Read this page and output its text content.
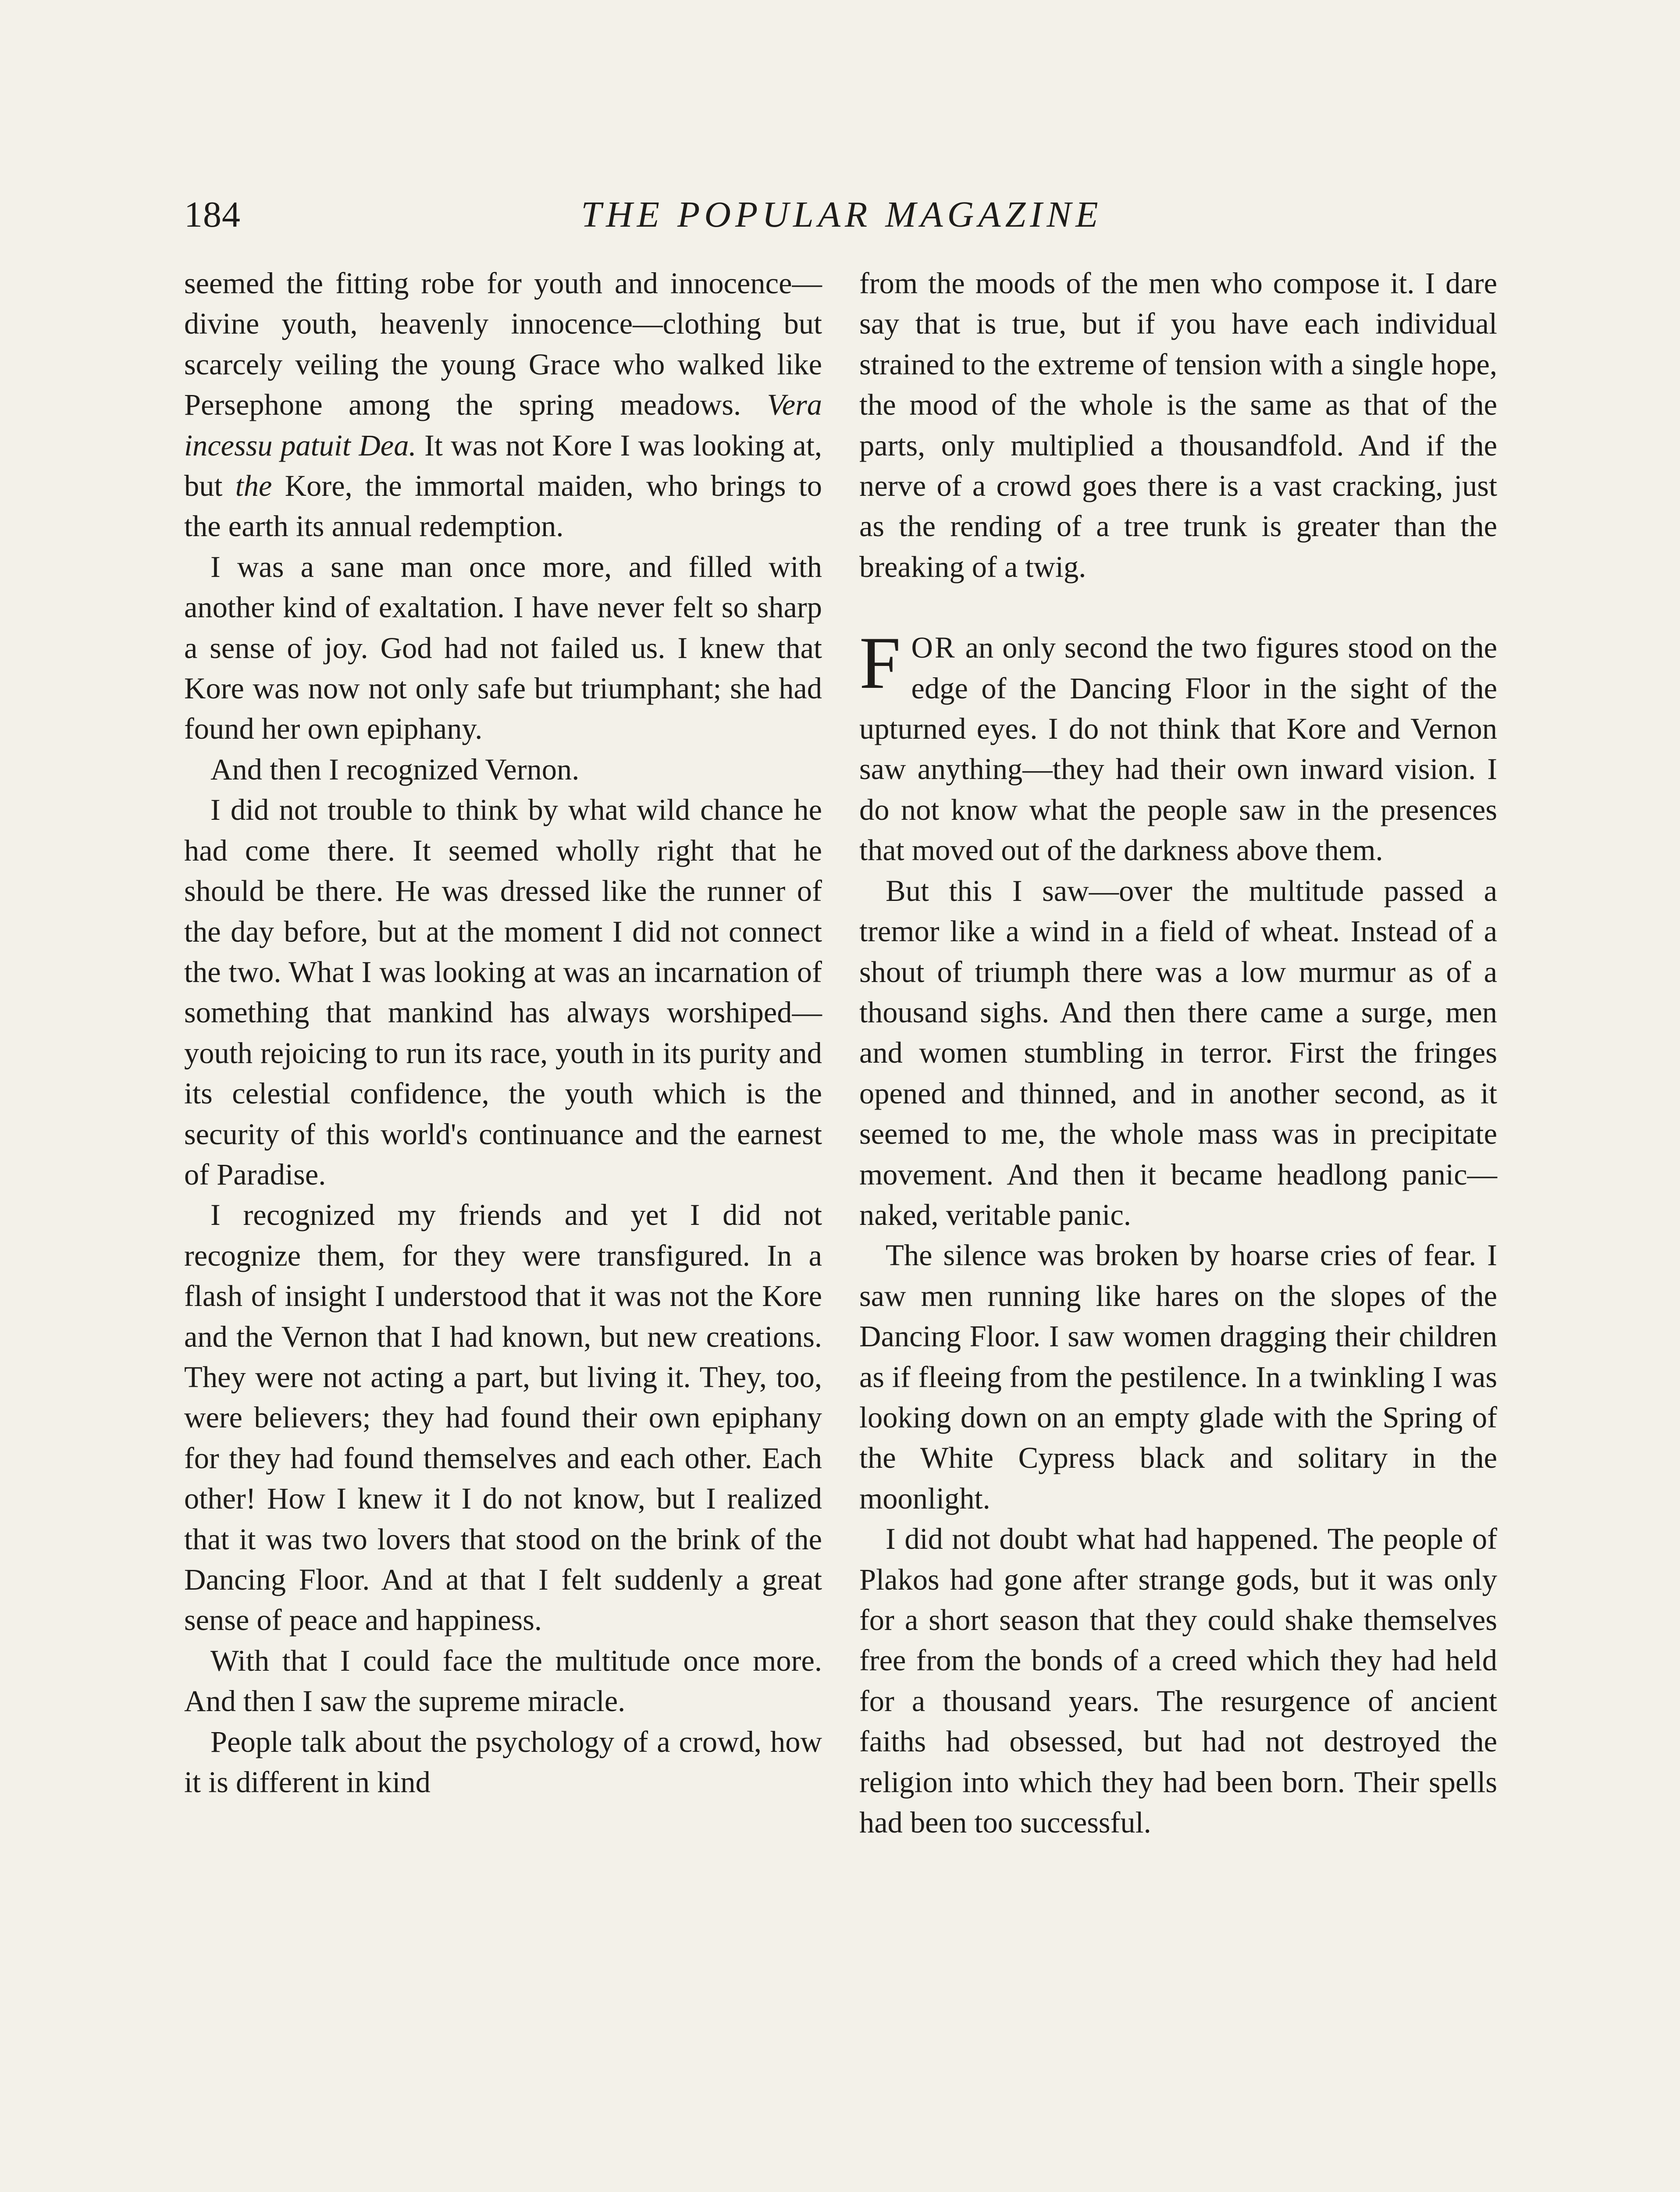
184	THE POPULAR MAGAZINE

seemed the fitting robe for youth and innocence—divine youth, heavenly innocence—clothing but scarcely veiling the young Grace who walked like Persephone among the spring meadows. Vera incessu patuit Dea. It was not Kore I was looking at, but the Kore, the immortal maiden, who brings to the earth its annual redemption.

I was a sane man once more, and filled with another kind of exaltation. I have never felt so sharp a sense of joy. God had not failed us. I knew that Kore was now not only safe but triumphant; she had found her own epiphany.

And then I recognized Vernon.

I did not trouble to think by what wild chance he had come there. It seemed wholly right that he should be there. He was dressed like the runner of the day before, but at the moment I did not connect the two. What I was looking at was an incarnation of something that mankind has always worshiped—youth rejoicing to run its race, youth in its purity and its celestial confidence, the youth which is the security of this world's continuance and the earnest of Paradise.

I recognized my friends and yet I did not recognize them, for they were transfigured. In a flash of insight I understood that it was not the Kore and the Vernon that I had known, but new creations. They were not acting a part, but living it. They, too, were believers; they had found their own epiphany for they had found themselves and each other. Each other! How I knew it I do not know, but I realized that it was two lovers that stood on the brink of the Dancing Floor. And at that I felt suddenly a great sense of peace and happiness.

With that I could face the multitude once more. And then I saw the supreme miracle.

People talk about the psychology of a crowd, how it is different in kind

from the moods of the men who compose it. I dare say that is true, but if you have each individual strained to the extreme of tension with a single hope, the mood of the whole is the same as that of the parts, only multiplied a thousandfold. And if the nerve of a crowd goes there is a vast cracking, just as the rending of a tree trunk is greater than the breaking of a twig.

FOR an only second the two figures stood on the edge of the Dancing Floor in the sight of the upturned eyes. I do not think that Kore and Vernon saw anything—they had their own inward vision. I do not know what the people saw in the presences that moved out of the darkness above them.

But this I saw—over the multitude passed a tremor like a wind in a field of wheat. Instead of a shout of triumph there was a low murmur as of a thousand sighs. And then there came a surge, men and women stumbling in terror. First the fringes opened and thinned, and in another second, as it seemed to me, the whole mass was in precipitate movement. And then it became headlong panic—naked, veritable panic.

The silence was broken by hoarse cries of fear. I saw men running like hares on the slopes of the Dancing Floor. I saw women dragging their children as if fleeing from the pestilence. In a twinkling I was looking down on an empty glade with the Spring of the White Cypress black and solitary in the moonlight.

I did not doubt what had happened. The people of Plakos had gone after strange gods, but it was only for a short season that they could shake themselves free from the bonds of a creed which they had held for a thousand years. The resurgence of ancient faiths had obsessed, but had not destroyed the religion into which they had been born. Their spells had been too successful.
